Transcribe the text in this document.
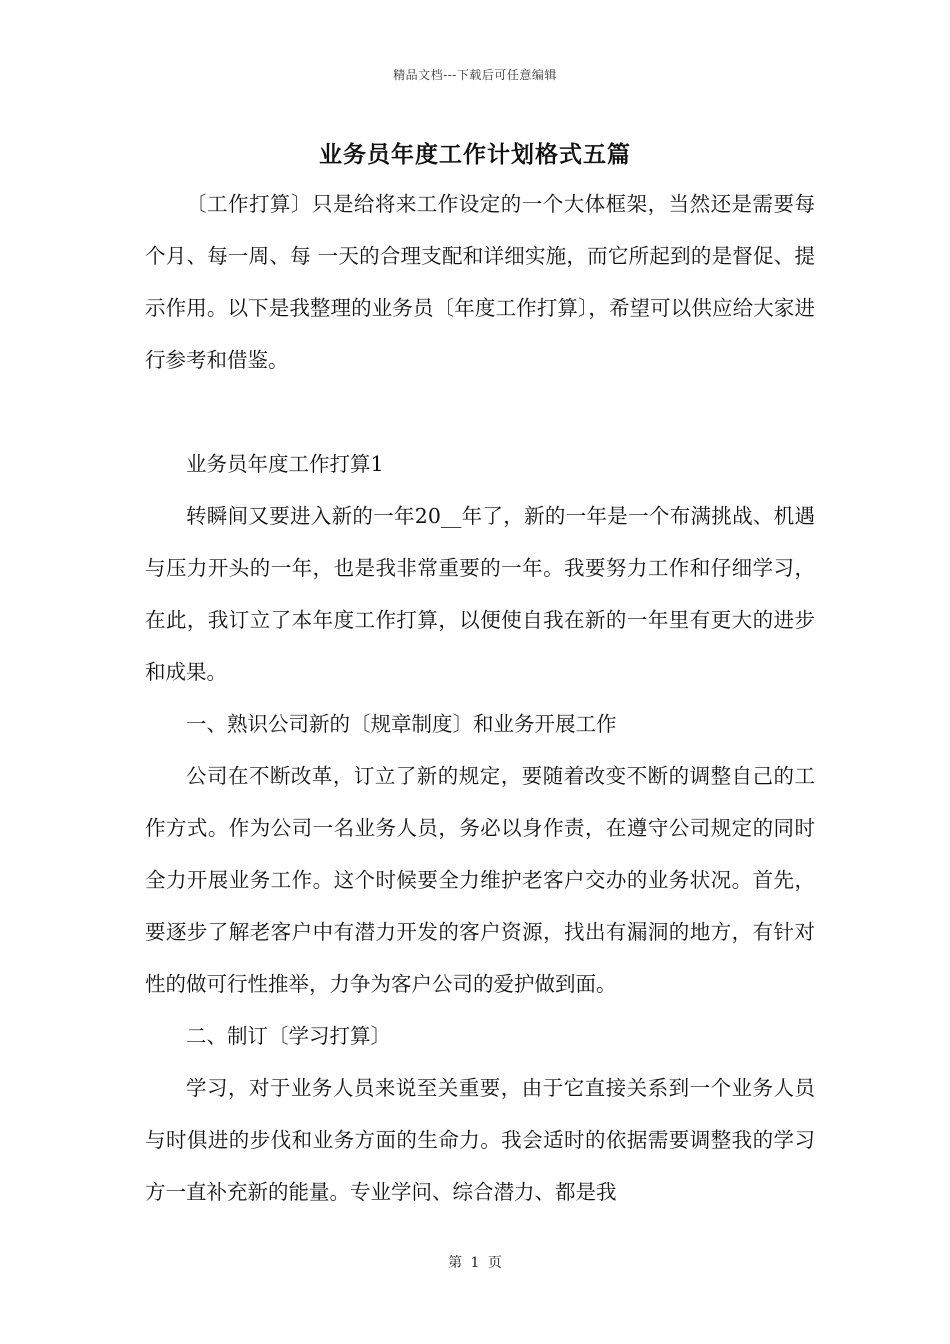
精品文档---下载后可任意编辑
业务员年度工作计划格式五篇

〔工作打算〕只是给将来工作设定的一个大体框架，当然还是需要每个月、每一周、每 一天的合理支配和详细实施，而它所起到的是督促、提示作用。以下是我整理的业务员〔年度工作打算〕，希望可以供应给大家进行参考和借鉴。

业务员年度工作打算1

转瞬间又要进入新的一年20__年了，新的一年是一个布满挑战、机遇与压力开头的一年，也是我非常重要的一年。我要努力工作和仔细学习，在此，我订立了本年度工作打算，以便使自我在新的一年里有更大的进步和成果。

一、熟识公司新的〔规章制度〕和业务开展工作

公司在不断改革，订立了新的规定，要随着改变不断的调整自己的工作方式。作为公司一名业务人员，务必以身作责，在遵守公司规定的同时全力开展业务工作。这个时候要全力维护老客户交办的业务状况。首先，要逐步了解老客户中有潜力开发的客户资源，找出有漏洞的地方，有针对性的做可行性推举，力争为客户公司的爱护做到面。

二、制订〔学习打算〕

学习，对于业务人员来说至关重要，由于它直接关系到一个业务人员与时俱进的步伐和业务方面的生命力。我会适时的依据需要调整我的学习方一直补充新的能量。专业学问、综合潜力、都是我

第 1 页
